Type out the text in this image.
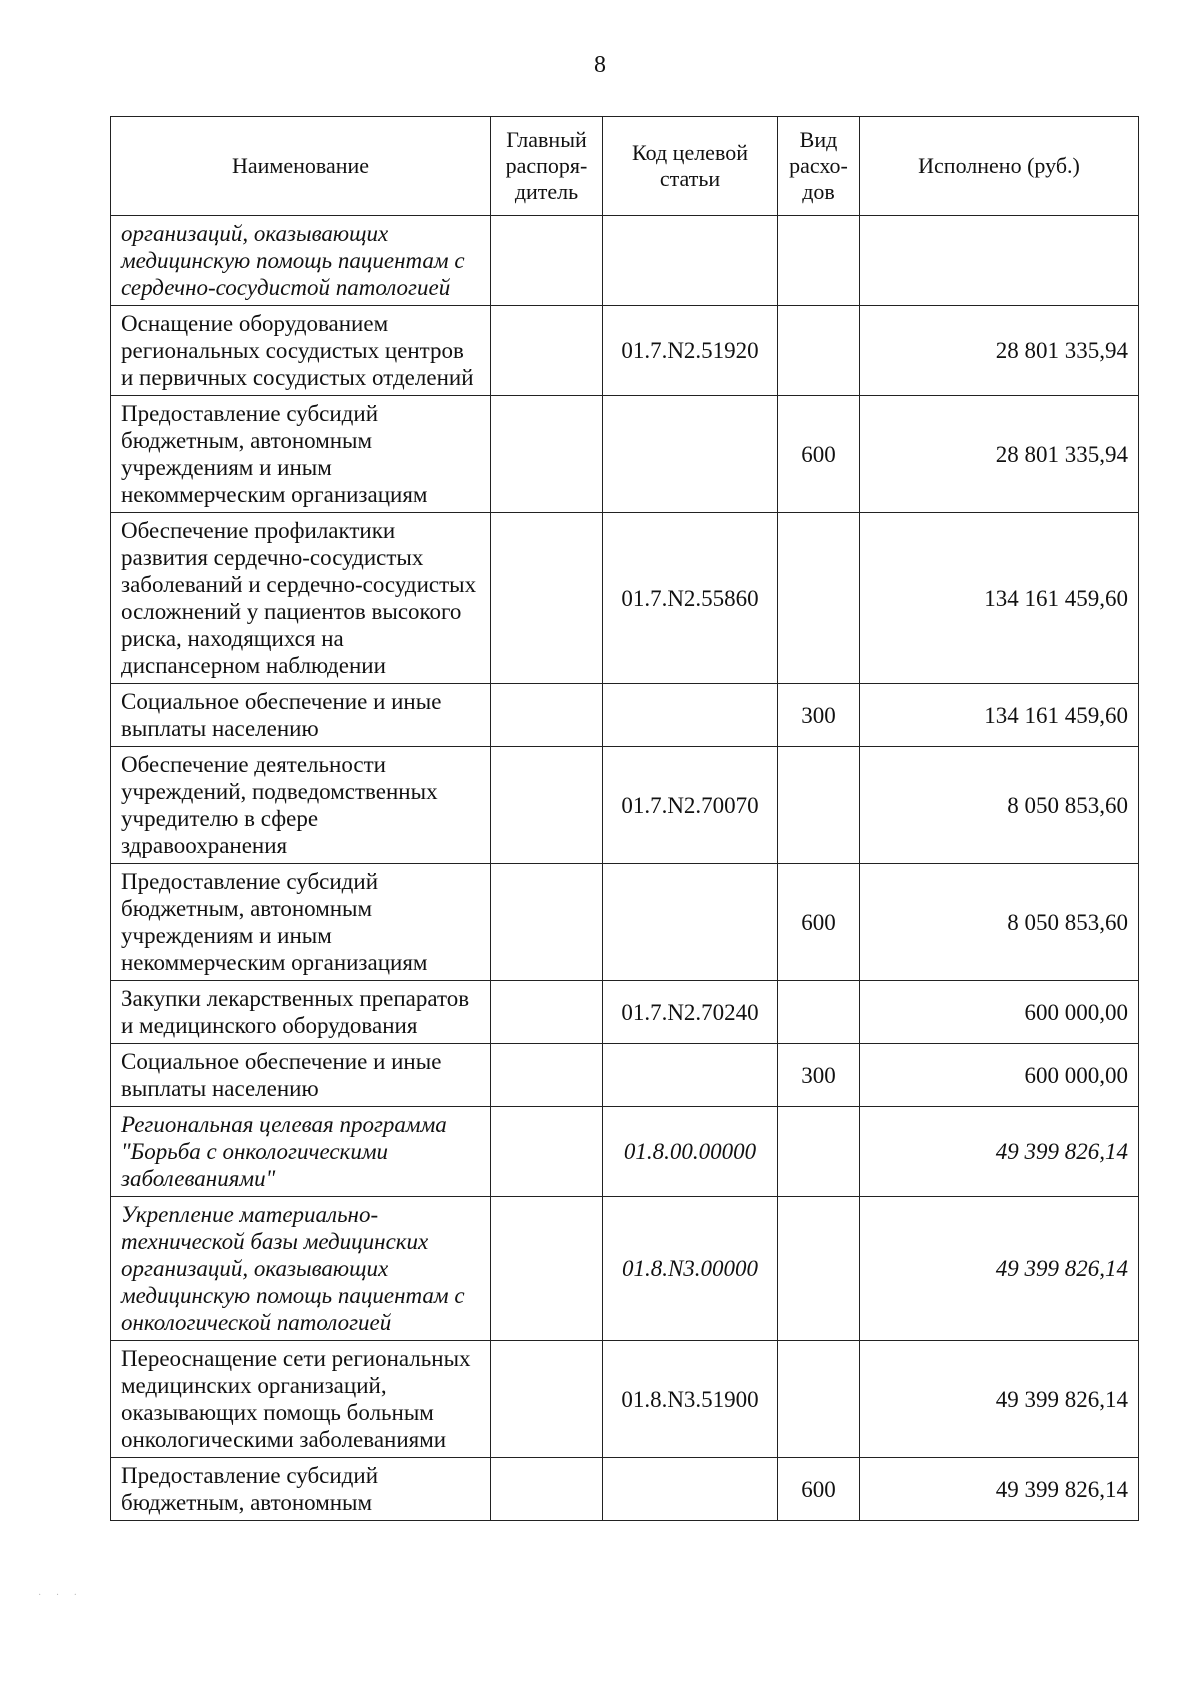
8
Наименование	Главный распоря-дитель	Код целевой статьи	Вид расхо-дов	Исполнено (руб.)
организаций, оказывающих медицинскую помощь пациентам с сердечно-сосудистой патологией				
Оснащение оборудованием региональных сосудистых центров и первичных сосудистых отделений		01.7.N2.51920		28 801 335,94
Предоставление субсидий бюджетным, автономным учреждениям и иным некоммерческим организациям			600	28 801 335,94
Обеспечение профилактики развития сердечно-сосудистых заболеваний и сердечно-сосудистых осложнений у пациентов высокого риска, находящихся на диспансерном наблюдении		01.7.N2.55860		134 161 459,60
Социальное обеспечение и иные выплаты населению			300	134 161 459,60
Обеспечение деятельности учреждений, подведомственных учредителю в сфере здравоохранения		01.7.N2.70070		8 050 853,60
Предоставление субсидий бюджетным, автономным учреждениям и иным некоммерческим организациям			600	8 050 853,60
Закупки лекарственных препаратов и медицинского оборудования		01.7.N2.70240		600 000,00
Социальное обеспечение и иные выплаты населению			300	600 000,00
Региональная целевая программа "Борьба с онкологическими заболеваниями"		01.8.00.00000		49 399 826,14
Укрепление материально-технической базы медицинских организаций, оказывающих медицинскую помощь пациентам с онкологической патологией		01.8.N3.00000		49 399 826,14
Переоснащение сети региональных медицинских организаций, оказывающих помощь больным онкологическими заболеваниями		01.8.N3.51900		49 399 826,14
Предоставление субсидий бюджетным, автономным			600	49 399 826,14
· · ·
